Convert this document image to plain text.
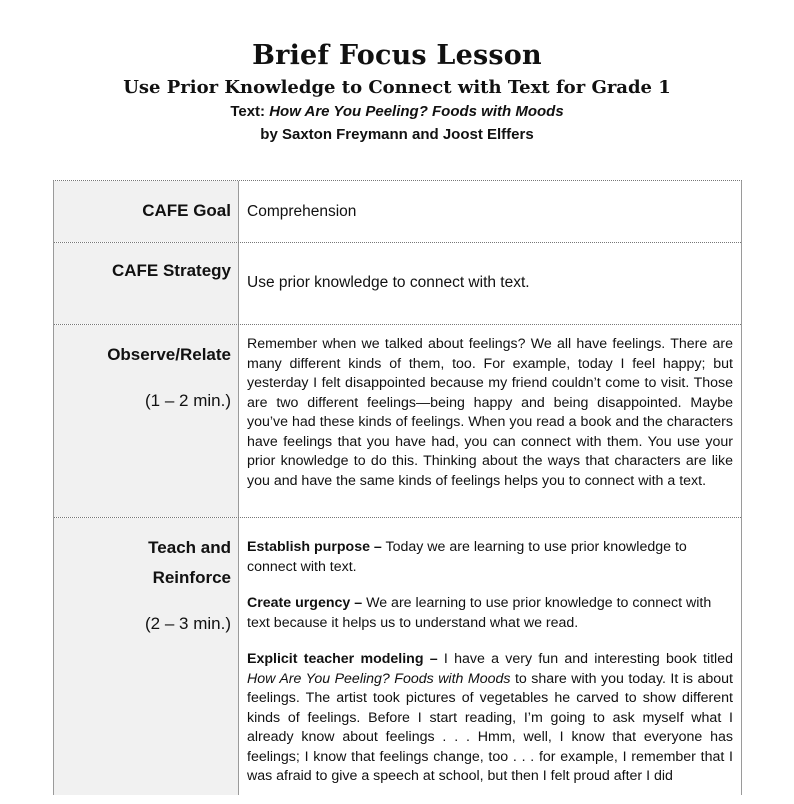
Brief Focus Lesson
Use Prior Knowledge to Connect with Text for Grade 1
Text: How Are You Peeling? Foods with Moods
by Saxton Freymann and Joost Elffers
CAFE Goal Comprehension
CAFE Strategy
Use prior knowledge to connect with text.
Observe/Relate
(1 – 2 min.)
Remember when we talked about feelings? We all have feelings. There are many different kinds of them, too. For example, today I feel happy; but yesterday I felt disappointed because my friend couldn’t come to visit. Those are two different feelings—being happy and being disappointed. Maybe you’ve had these kinds of feelings. When you read a book and the characters have feelings that you have had, you can connect with them. You use your prior knowledge to do this. Thinking about the ways that characters are like you and have the same kinds of feelings helps you to connect with a text.
Teach and
Reinforce
(2 – 3 min.)

Establish purpose – Today we are learning to use prior knowledge to connect with text.

Create urgency – We are learning to use prior knowledge to connect with text because it helps us to understand what we read.

Explicit teacher modeling – I have a very fun and interesting book titled How Are You Peeling? Foods with Moods to share with you today. It is about feelings. The artist took pictures of vegetables he carved to show different kinds of feelings. Before I start reading, I’m going to ask myself what I already know about feelings . . . Hmm, well, I know that everyone has feelings; I know that feelings change, too . . . for example, I remember that I was afraid to give a speech at school, but then I felt proud after I did
